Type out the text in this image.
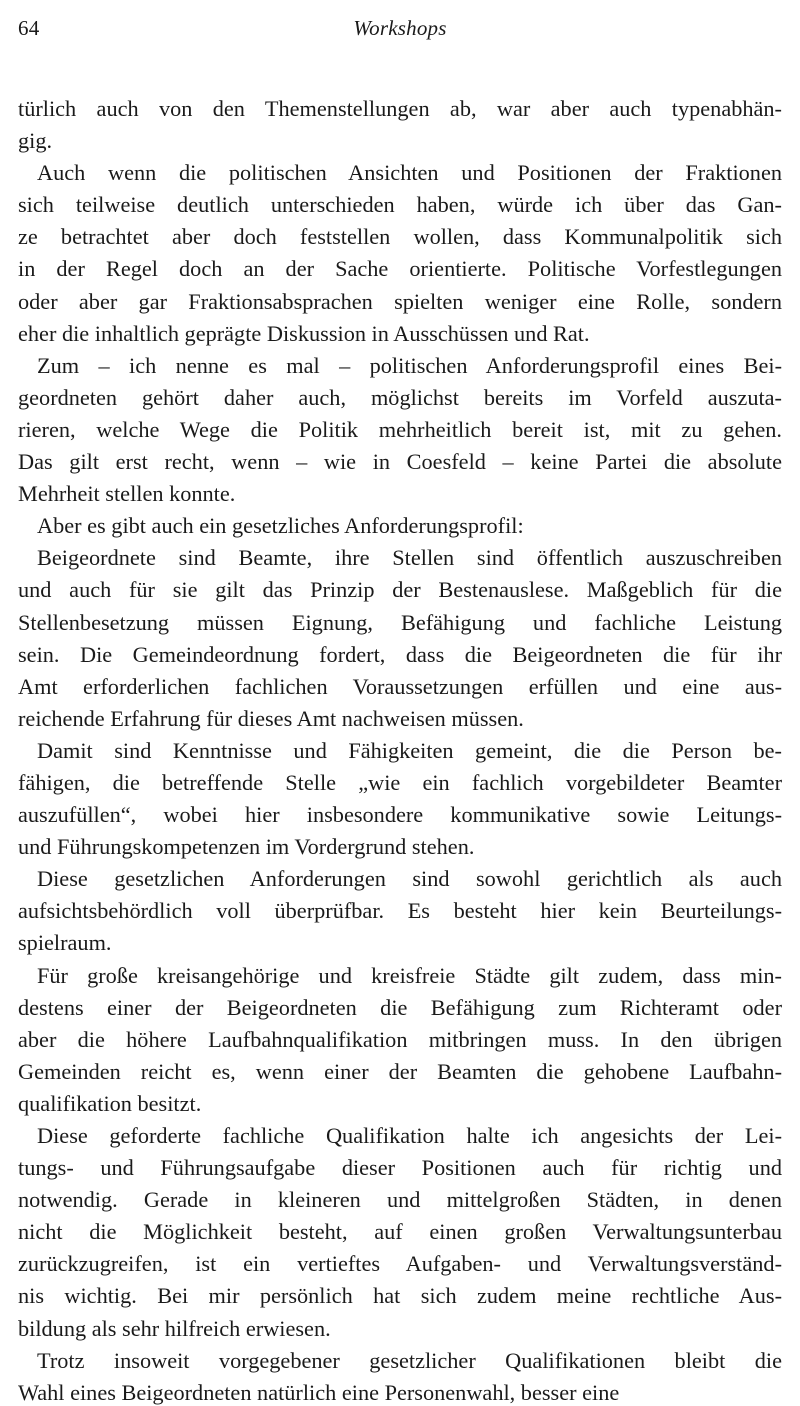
64	Workshops

türlich auch von den Themenstellungen ab, war aber auch typenabhän-
gig.

Auch wenn die politischen Ansichten und Positionen der Fraktionen
sich teilweise deutlich unterschieden haben, würde ich über das Gan-
ze betrachtet aber doch feststellen wollen, dass Kommunalpolitik sich
in der Regel doch an der Sache orientierte. Politische Vorfestlegungen
oder aber gar Fraktionsabsprachen spielten weniger eine Rolle, sondern
eher die inhaltlich geprägte Diskussion in Ausschüssen und Rat.

Zum – ich nenne es mal – politischen Anforderungsprofil eines Bei-
geordneten gehört daher auch, möglichst bereits im Vorfeld auszuta-
rieren, welche Wege die Politik mehrheitlich bereit ist, mit zu gehen.
Das gilt erst recht, wenn – wie in Coesfeld – keine Partei die absolute
Mehrheit stellen konnte.

Aber es gibt auch ein gesetzliches Anforderungsprofil:

Beigeordnete sind Beamte, ihre Stellen sind öffentlich auszuschreiben
und auch für sie gilt das Prinzip der Bestenauslese. Maßgeblich für die
Stellenbesetzung müssen Eignung, Befähigung und fachliche Leistung
sein. Die Gemeindeordnung fordert, dass die Beigeordneten die für ihr
Amt erforderlichen fachlichen Voraussetzungen erfüllen und eine aus-
reichende Erfahrung für dieses Amt nachweisen müssen.

Damit sind Kenntnisse und Fähigkeiten gemeint, die die Person be-
fähigen, die betreffende Stelle „wie ein fachlich vorgebildeter Beamter
auszufüllen“, wobei hier insbesondere kommunikative sowie Leitungs-
und Führungskompetenzen im Vordergrund stehen.

Diese gesetzlichen Anforderungen sind sowohl gerichtlich als auch
aufsichtsbehördlich voll überprüfbar. Es besteht hier kein Beurteilungs-
spielraum.

Für große kreisangehörige und kreisfreie Städte gilt zudem, dass min-
destens einer der Beigeordneten die Befähigung zum Richteramt oder
aber die höhere Laufbahnqualifikation mitbringen muss. In den übrigen
Gemeinden reicht es, wenn einer der Beamten die gehobene Laufbahn-
qualifikation besitzt.

Diese geforderte fachliche Qualifikation halte ich angesichts der Lei-
tungs- und Führungsaufgabe dieser Positionen auch für richtig und
notwendig. Gerade in kleineren und mittelgroßen Städten, in denen
nicht die Möglichkeit besteht, auf einen großen Verwaltungsunterbau
zurückzugreifen, ist ein vertieftes Aufgaben- und Verwaltungsverständ-
nis wichtig. Bei mir persönlich hat sich zudem meine rechtliche Aus-
bildung als sehr hilfreich erwiesen.

Trotz insoweit vorgegebener gesetzlicher Qualifikationen bleibt die
Wahl eines Beigeordneten natürlich eine Personenwahl, besser eine
